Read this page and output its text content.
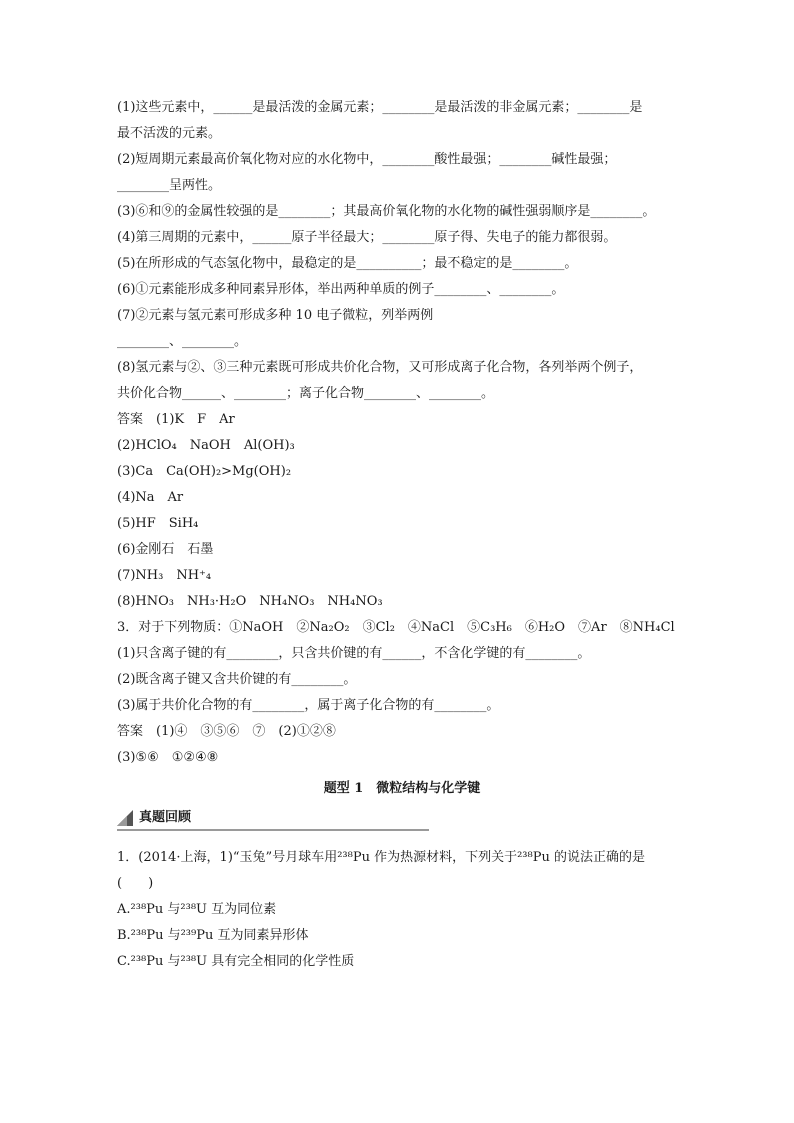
(1)这些元素中，______是最活泼的金属元素；________是最活泼的非金属元素；________是
最不活泼的元素。
(2)短周期元素最高价氧化物对应的水化物中，________酸性最强；________碱性最强；
________呈两性。
(3)⑥和⑨的金属性较强的是________；其最高价氧化物的水化物的碱性强弱顺序是________。
(4)第三周期的元素中，______原子半径最大；________原子得、失电子的能力都很弱。
(5)在所形成的气态氢化物中，最稳定的是__________；最不稳定的是________。
(6)①元素能形成多种同素异形体，举出两种单质的例子________、________。
(7)②元素与氢元素可形成多种 10 电子微粒，列举两例
________、________。
(8)氢元素与②、③三种元素既可形成共价化合物，又可形成离子化合物，各列举两个例子，
共价化合物______、________；离子化合物________、________。
答案　(1)K　F　Ar
(2)HClO₄　NaOH　Al(OH)₃
(3)Ca　Ca(OH)₂>Mg(OH)₂
(4)Na　Ar
(5)HF　SiH₄
(6)金刚石　石墨
(7)NH₃　NH⁺₄
(8)HNO₃　NH₃·H₂O　NH₄NO₃　NH₄NO₃
3．对于下列物质：①NaOH　②Na₂O₂　③Cl₂　④NaCl　⑤C₃H₆　⑥H₂O　⑦Ar　⑧NH₄Cl
(1)只含离子键的有________，只含共价键的有______，不含化学键的有________。
(2)既含离子键又含共价键的有________。
(3)属于共价化合物的有________，属于离子化合物的有________。
答案　(1)④　③⑤⑥　⑦　(2)①②⑧
(3)⑤⑥　①②④⑧
题型 1　微粒结构与化学键
真题回顾
1．(2014·上海，1)“玉兔”号月球车用²³⁸Pu 作为热源材料，下列关于²³⁸Pu 的说法正确的是
(　　)
A.²³⁸Pu 与²³⁸U 互为同位素
B.²³⁸Pu 与²³⁹Pu 互为同素异形体
C.²³⁸Pu 与²³⁸U 具有完全相同的化学性质
